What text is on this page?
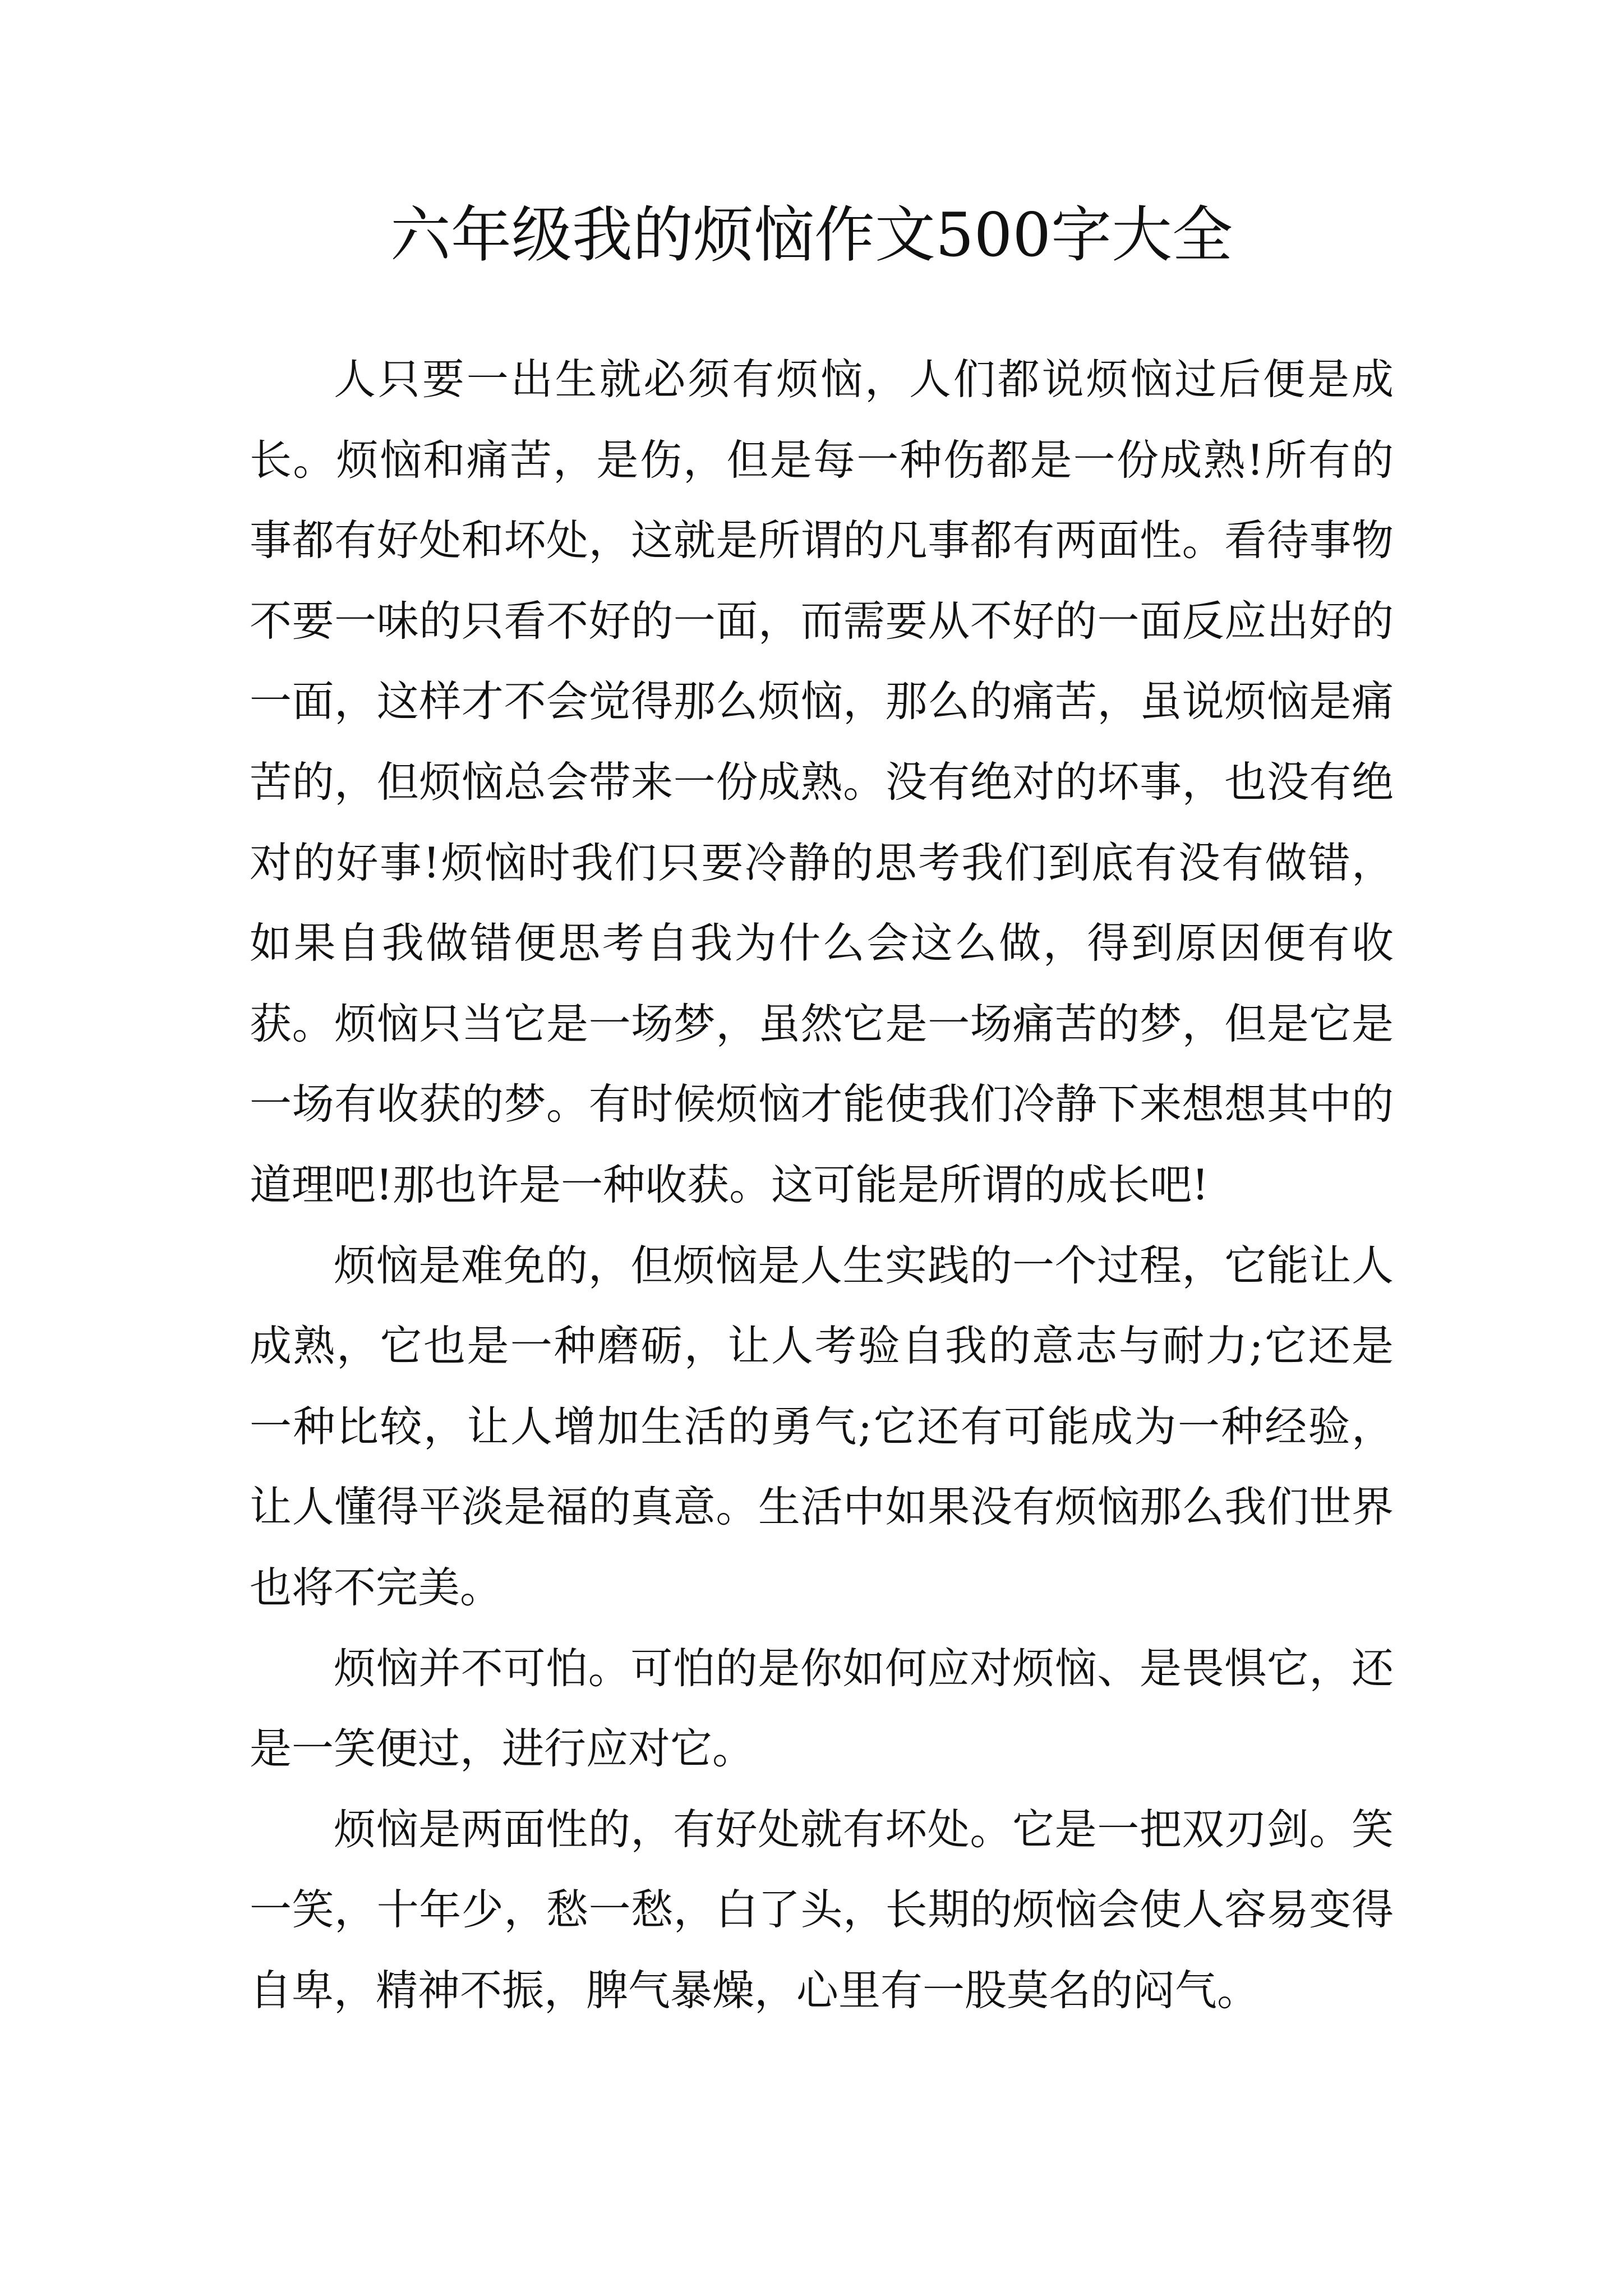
六年级我的烦恼作文500字大全

人只要一出生就必须有烦恼，人们都说烦恼过后便是成长。烦恼和痛苦，是伤，但是每一种伤都是一份成熟!所有的事都有好处和坏处，这就是所谓的凡事都有两面性。看待事物不要一味的只看不好的一面，而需要从不好的一面反应出好的一面，这样才不会觉得那么烦恼，那么的痛苦，虽说烦恼是痛苦的，但烦恼总会带来一份成熟。没有绝对的坏事，也没有绝对的好事!烦恼时我们只要冷静的思考我们到底有没有做错，如果自我做错便思考自我为什么会这么做，得到原因便有收获。烦恼只当它是一场梦，虽然它是一场痛苦的梦，但是它是一场有收获的梦。有时候烦恼才能使我们冷静下来想想其中的道理吧!那也许是一种收获。这可能是所谓的成长吧!

烦恼是难免的，但烦恼是人生实践的一个过程，它能让人成熟，它也是一种磨砺，让人考验自我的意志与耐力;它还是一种比较，让人增加生活的勇气;它还有可能成为一种经验，让人懂得平淡是福的真意。生活中如果没有烦恼那么我们世界也将不完美。

烦恼并不可怕。可怕的是你如何应对烦恼、是畏惧它，还是一笑便过，进行应对它。

烦恼是两面性的，有好处就有坏处。它是一把双刃剑。笑一笑，十年少，愁一愁，白了头，长期的烦恼会使人容易变得自卑，精神不振，脾气暴燥，心里有一股莫名的闷气。
